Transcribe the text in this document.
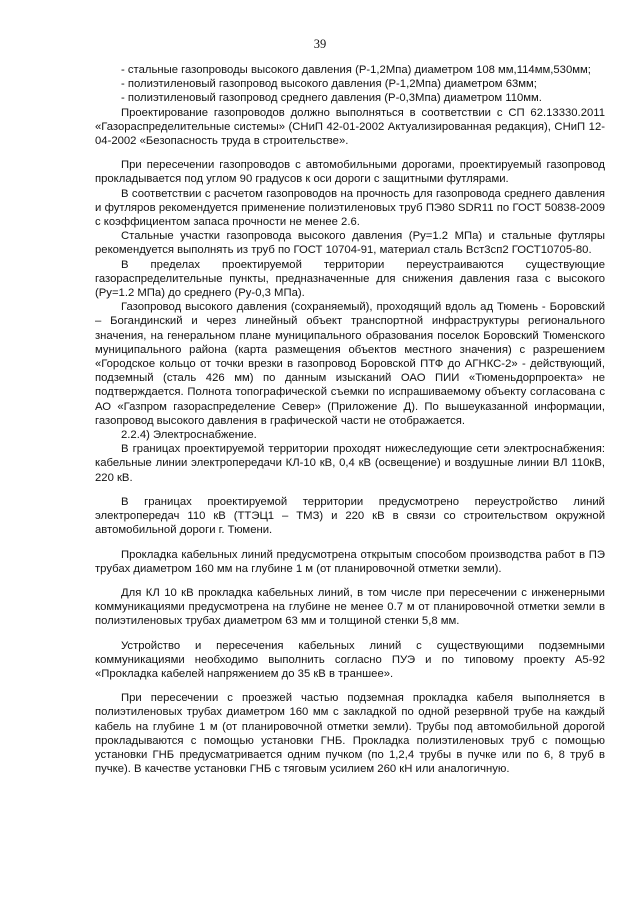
39

- стальные газопроводы высокого давления (Р-1,2Мпа) диаметром 108 мм,114мм,530мм;

- полиэтиленовый газопровод высокого давления (Р-1,2Мпа) диаметром 63мм;

- полиэтиленовый газопровод среднего давления (Р-0,3Мпа) диаметром 110мм.

Проектирование газопроводов должно выполняться в соответствии с СП 62.13330.2011 «Газораспределительные системы» (СНиП 42-01-2002 Актуализированная редакция), СНиП 12-04-2002 «Безопасность труда в строительстве».

При пересечении газопроводов с автомобильными дорогами, проектируемый газопровод прокладывается под углом 90 градусов к оси дороги с защитными футлярами.

В соответствии с расчетом газопроводов на прочность для газопровода среднего давления и футляров рекомендуется применение полиэтиленовых труб ПЭ80 SDR11 по ГОСТ 50838-2009 с коэффициентом запаса прочности не менее 2.6.

Стальные участки газопровода высокого давления (Ру=1.2 МПа) и стальные футляры рекомендуется выполнять из труб по ГОСТ 10704-91, материал сталь Вст3сп2 ГОСТ10705-80.

В пределах проектируемой территории переустраиваются существующие газораспределительные пункты, предназначенные для снижения давления газа с высокого (Ру=1.2 МПа) до среднего (Ру-0,3 МПа).

Газопровод высокого давления (сохраняемый), проходящий вдоль ад Тюмень - Боровский – Богандинский и через линейный объект транспортной инфраструктуры регионального значения, на генеральном плане муниципального образования поселок Боровский Тюменского муниципального района (карта размещения объектов местного значения) с разрешением «Городское кольцо от точки врезки в газопровод Боровской ПТФ до АГНКС-2» - действующий, подземный (сталь 426 мм) по данным изысканий ОАО ПИИ «Тюменьдорпроекта» не подтверждается. Полнота топографической съемки по испрашиваемому объекту согласована с АО «Газпром газораспределение Север» (Приложение Д). По вышеуказанной информации, газопровод высокого давления в графической части не отображается.

2.2.4) Электроснабжение.

В границах проектируемой территории проходят нижеследующие сети электроснабжения: кабельные линии электропередачи КЛ-10 кВ, 0,4 кВ (освещение) и воздушные линии ВЛ 110кВ, 220 кВ.

В границах проектируемой территории предусмотрено переустройство линий электропередач 110 кВ (ТТЭЦ1 – ТМЗ) и 220 кВ в связи со строительством окружной автомобильной дороги г. Тюмени.

Прокладка кабельных линий предусмотрена открытым способом производства работ в ПЭ трубах диаметром 160 мм на глубине 1 м (от планировочной отметки земли).

Для КЛ 10 кВ прокладка кабельных линий, в том числе при пересечении с инженерными коммуникациями предусмотрена на глубине не менее 0.7 м от планировочной отметки земли в полиэтиленовых трубах диаметром 63 мм и толщиной стенки 5,8 мм.

Устройство и пересечения кабельных линий с существующими подземными коммуникациями необходимо выполнить согласно ПУЭ и по типовому проекту А5-92 «Прокладка кабелей напряжением до 35 кВ в траншее».

При пересечении с проезжей частью подземная прокладка кабеля выполняется в полиэтиленовых трубах диаметром 160 мм с закладкой по одной резервной трубе на каждый кабель на глубине 1 м (от планировочной отметки земли). Трубы под автомобильной дорогой прокладываются с помощью установки ГНБ. Прокладка полиэтиленовых труб с помощью установки ГНБ предусматривается одним пучком (по 1,2,4 трубы в пучке или по 6, 8 труб в пучке). В качестве установки ГНБ с тяговым усилием 260 кН или аналогичную.
